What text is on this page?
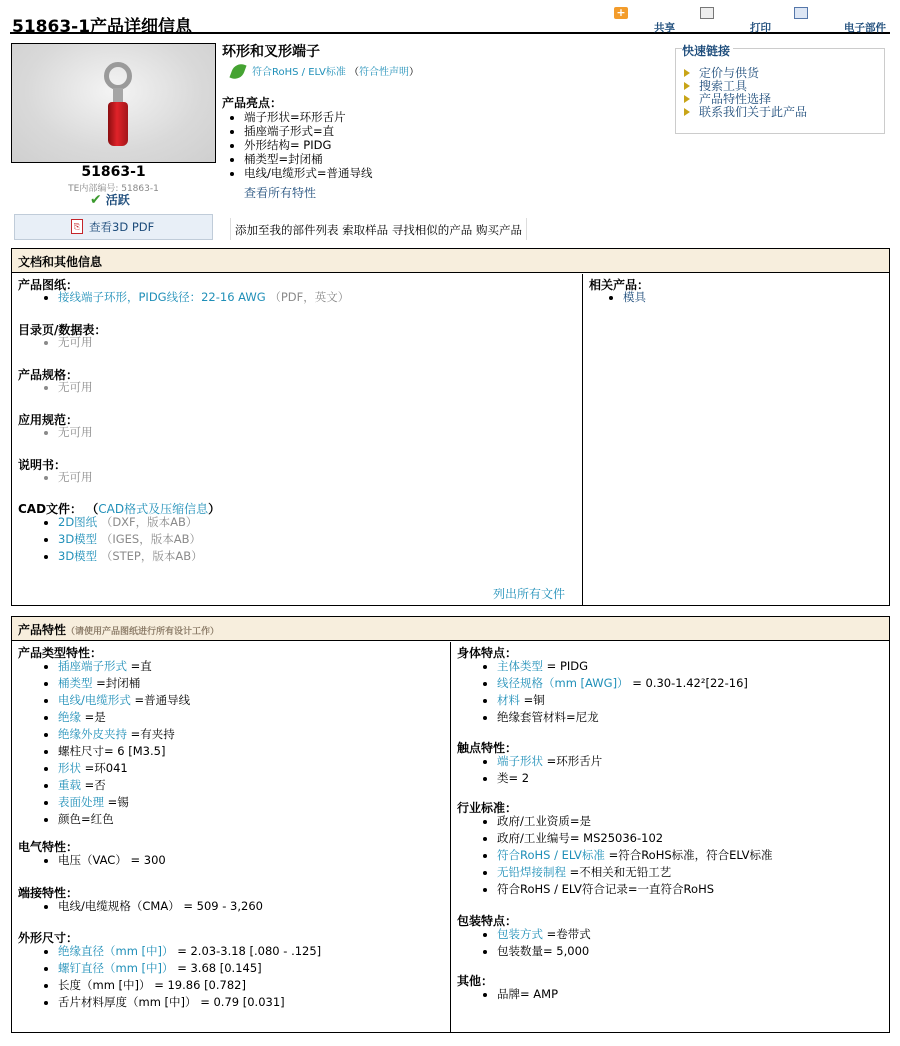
51863-1产品详细信息
+
共享	打印	电子部件
51863-1
TE内部编号: 51863-1
✔ 活跃
⎘ 查看3D PDF
环形和叉形端子
符合RoHS / ELV标准 （符合性声明）
产品亮点：
• 端子形状=环形舌片
• 插座端子形式=直
• 外形结构= PIDG
• 桶类型=封闭桶
• 电线/电缆形式=普通导线
查看所有特性
添加至我的部件列表 索取样品 寻找相似的产品 购买产品
快速链接
定价与供货
搜索工具
产品特性选择
联系我们关于此产品
文档和其他信息
产品图纸：
• 接线端子环形，PIDG线径：22-16 AWG （PDF，英文）
目录页/数据表：
• 无可用
产品规格：
• 无可用
应用规范：
• 无可用
说明书：
• 无可用
CAD文件： （CAD格式及压缩信息）
• 2D图纸 （DXF，版本AB）
• 3D模型 （IGES，版本AB）
• 3D模型 （STEP，版本AB）
列出所有文件
相关产品：
• 模具
产品特性（请使用产品图纸进行所有设计工作）
产品类型特性：
• 插座端子形式 =直
• 桶类型 =封闭桶
• 电线/电缆形式 =普通导线
• 绝缘 =是
• 绝缘外皮夹持 =有夹持
• 螺柱尺寸= 6 [M3.5]
• 形状 =环041
• 重载 =否
• 表面处理 =锡
• 颜色=红色
电气特性：
• 电压（VAC） = 300
端接特性：
• 电线/电缆规格（CMA） = 509 - 3,260
外形尺寸：
• 绝缘直径（mm [中]） = 2.03-3.18 [.080 - .125]
• 螺钉直径（mm [中]） = 3.68 [0.145]
• 长度（mm [中]） = 19.86 [0.782]
• 舌片材料厚度（mm [中]） = 0.79 [0.031]
身体特点：
• 主体类型 = PIDG
• 线径规格（mm [AWG]） = 0.30-1.42²[22-16]
• 材料 =铜
• 绝缘套管材料=尼龙
触点特性：
• 端子形状 =环形舌片
• 类= 2
行业标准：
• 政府/工业资质=是
• 政府/工业编号= MS25036-102
• 符合RoHS / ELV标准 =符合RoHS标准，符合ELV标准
• 无铅焊接制程 =不相关和无铅工艺
• 符合RoHS / ELV符合记录=一直符合RoHS
包装特点：
• 包装方式 =卷带式
• 包装数量= 5,000
其他：
• 品牌= AMP
